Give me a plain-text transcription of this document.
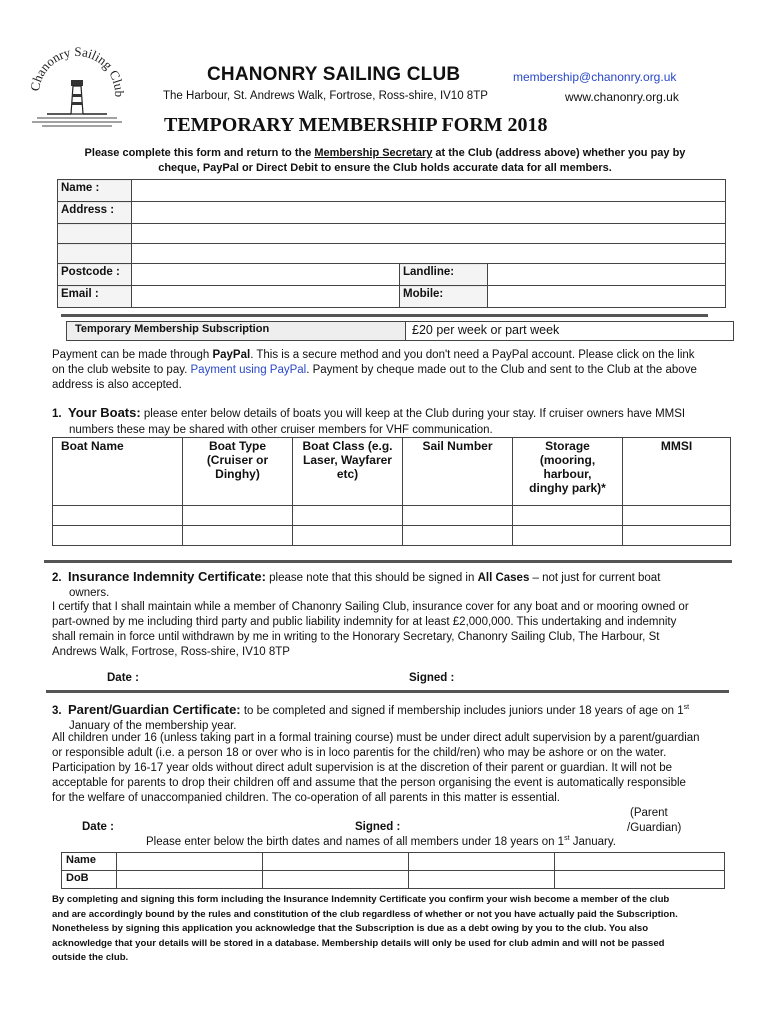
Chanonry Sailing Club
CHANONRY SAILING CLUB
The Harbour, St. Andrews Walk, Fortrose, Ross-shire, IV10 8TP
membership@chanonry.org.uk
www.chanonry.org.uk
TEMPORARY MEMBERSHIP FORM 2018
Please complete this form and return to the Membership Secretary at the Club (address above) whether you pay by
cheque, PayPal or Direct Debit to ensure the Club holds accurate data for all members.
Name :			
Address :			

Postcode :		Landline:	
Email :		Mobile:	
Temporary Membership Subscription	£20 per week or part week
Payment can be made through PayPal. This is a secure method and you don't need a PayPal account. Please click on the link
on the club website to pay. Payment using PayPal. Payment by cheque made out to the Club and sent to the Club at the above
address is also accepted.
1. Your Boats: please enter below details of boats you will keep at the Club during your stay. If cruiser owners have MMSI
numbers these may be shared with other cruiser members for VHF communication.
Boat Name	Boat Type (Cruiser or Dinghy)	Boat Class (e.g. Laser, Wayfarer etc)	Sail Number	Storage (mooring, harbour, dinghy park)*	MMSI

2. Insurance Indemnity Certificate: please note that this should be signed in All Cases – not just for current boat
owners.
I certify that I shall maintain while a member of Chanonry Sailing Club, insurance cover for any boat and or mooring owned or
part-owned by me including third party and public liability indemnity for at least £2,000,000. This undertaking and indemnity
shall remain in force until withdrawn by me in writing to the Honorary Secretary, Chanonry Sailing Club, The Harbour, St
Andrews Walk, Fortrose, Ross-shire, IV10 8TP
Date :	Signed :
3. Parent/Guardian Certificate: to be completed and signed if membership includes juniors under 18 years of age on 1st
January of the membership year.
All children under 16 (unless taking part in a formal training course) must be under direct adult supervision by a parent/guardian
or responsible adult (i.e. a person 18 or over who is in loco parentis for the child/ren) who may be ashore or on the water.
Participation by 16-17 year olds without direct adult supervision is at the discretion of their parent or guardian. It will not be
acceptable for parents to drop their children off and assume that the person organising the event is automatically responsible
for the welfare of unaccompanied children. The co-operation of all parents in this matter is essential.
(Parent
/Guardian)
Date :	Signed :
Please enter below the birth dates and names of all members under 18 years on 1st January.
Name				
DoB				
By completing and signing this form including the Insurance Indemnity Certificate you confirm your wish become a member of the club
and are accordingly bound by the rules and constitution of the club regardless of whether or not you have actually paid the Subscription.
Nonetheless by signing this application you acknowledge that the Subscription is due as a debt owing by you to the club. You also
acknowledge that your details will be stored in a database. Membership details will only be used for club admin and will not be passed
outside the club.
